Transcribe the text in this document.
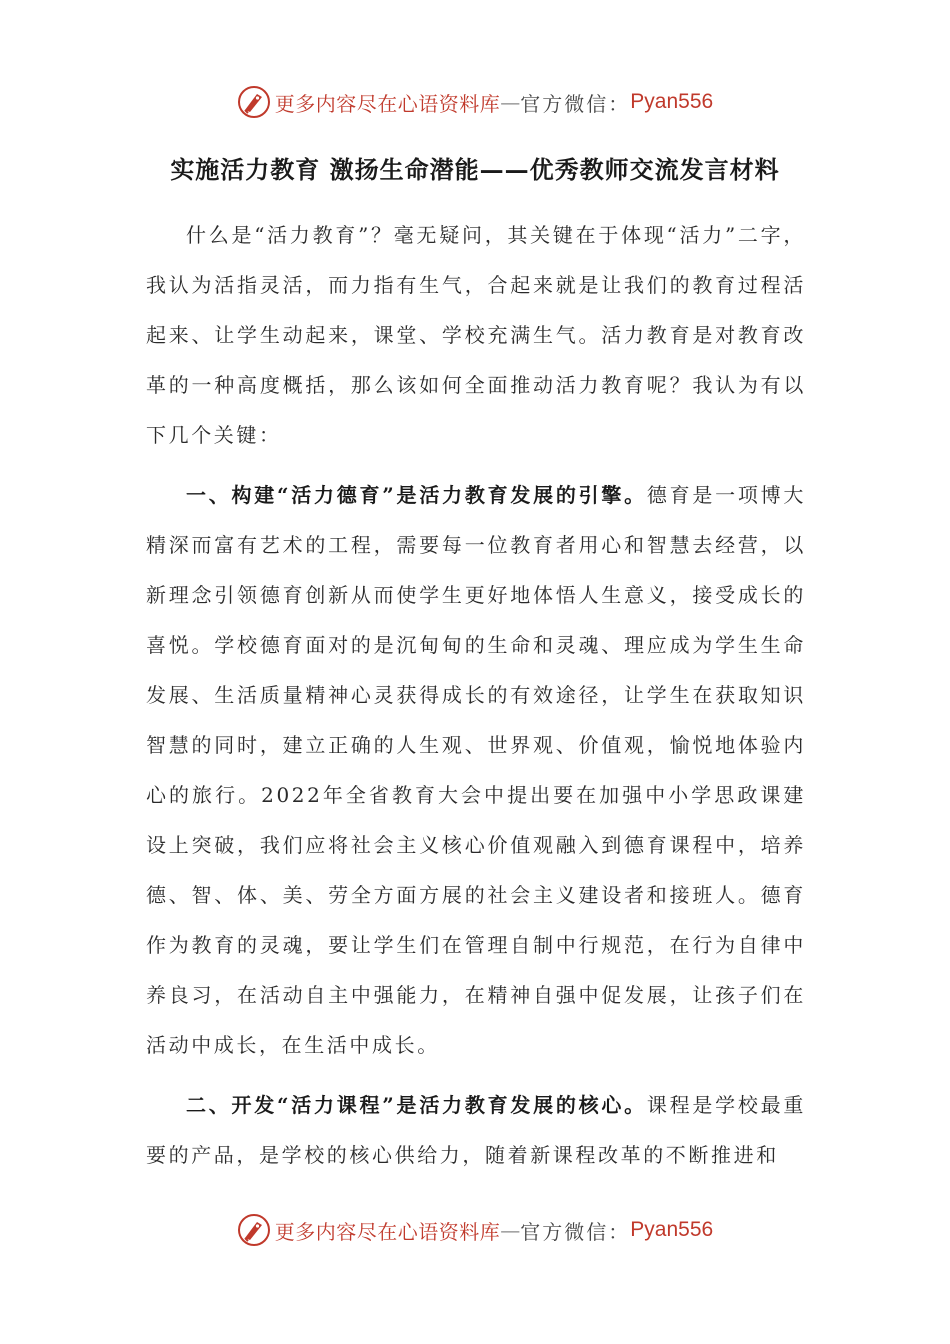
更多内容尽在心语资料库 — 官方微信： Pyan556
实施活力教育 激扬生命潜能——优秀教师交流发言材料

什么是“活力教育”？毫无疑问，其关键在于体现“活力”二字，我认为活指灵活，而力指有生气，合起来就是让我们的教育过程活起来、让学生动起来，课堂、学校充满生气。活力教育是对教育改革的一种高度概括，那么该如何全面推动活力教育呢？我认为有以下几个关键：

一、构建“活力德育”是活力教育发展的引擎。德育是一项博大精深而富有艺术的工程，需要每一位教育者用心和智慧去经营，以新理念引领德育创新从而使学生更好地体悟人生意义，接受成长的喜悦。学校德育面对的是沉甸甸的生命和灵魂、理应成为学生生命发展、生活质量精神心灵获得成长的有效途径，让学生在获取知识智慧的同时，建立正确的人生观、世界观、价值观，愉悦地体验内心的旅行。2022年全省教育大会中提出要在加强中小学思政课建设上突破，我们应将社会主义核心价值观融入到德育课程中，培养德、智、体、美、劳全方面方展的社会主义建设者和接班人。德育作为教育的灵魂，要让学生们在管理自制中行规范，在行为自律中养良习，在活动自主中强能力，在精神自强中促发展，让孩子们在活动中成长，在生活中成长。

二、开发“活力课程”是活力教育发展的核心。课程是学校最重要的产品，是学校的核心供给力，随着新课程改革的不断推进和

更多内容尽在心语资料库 — 官方微信： Pyan556
